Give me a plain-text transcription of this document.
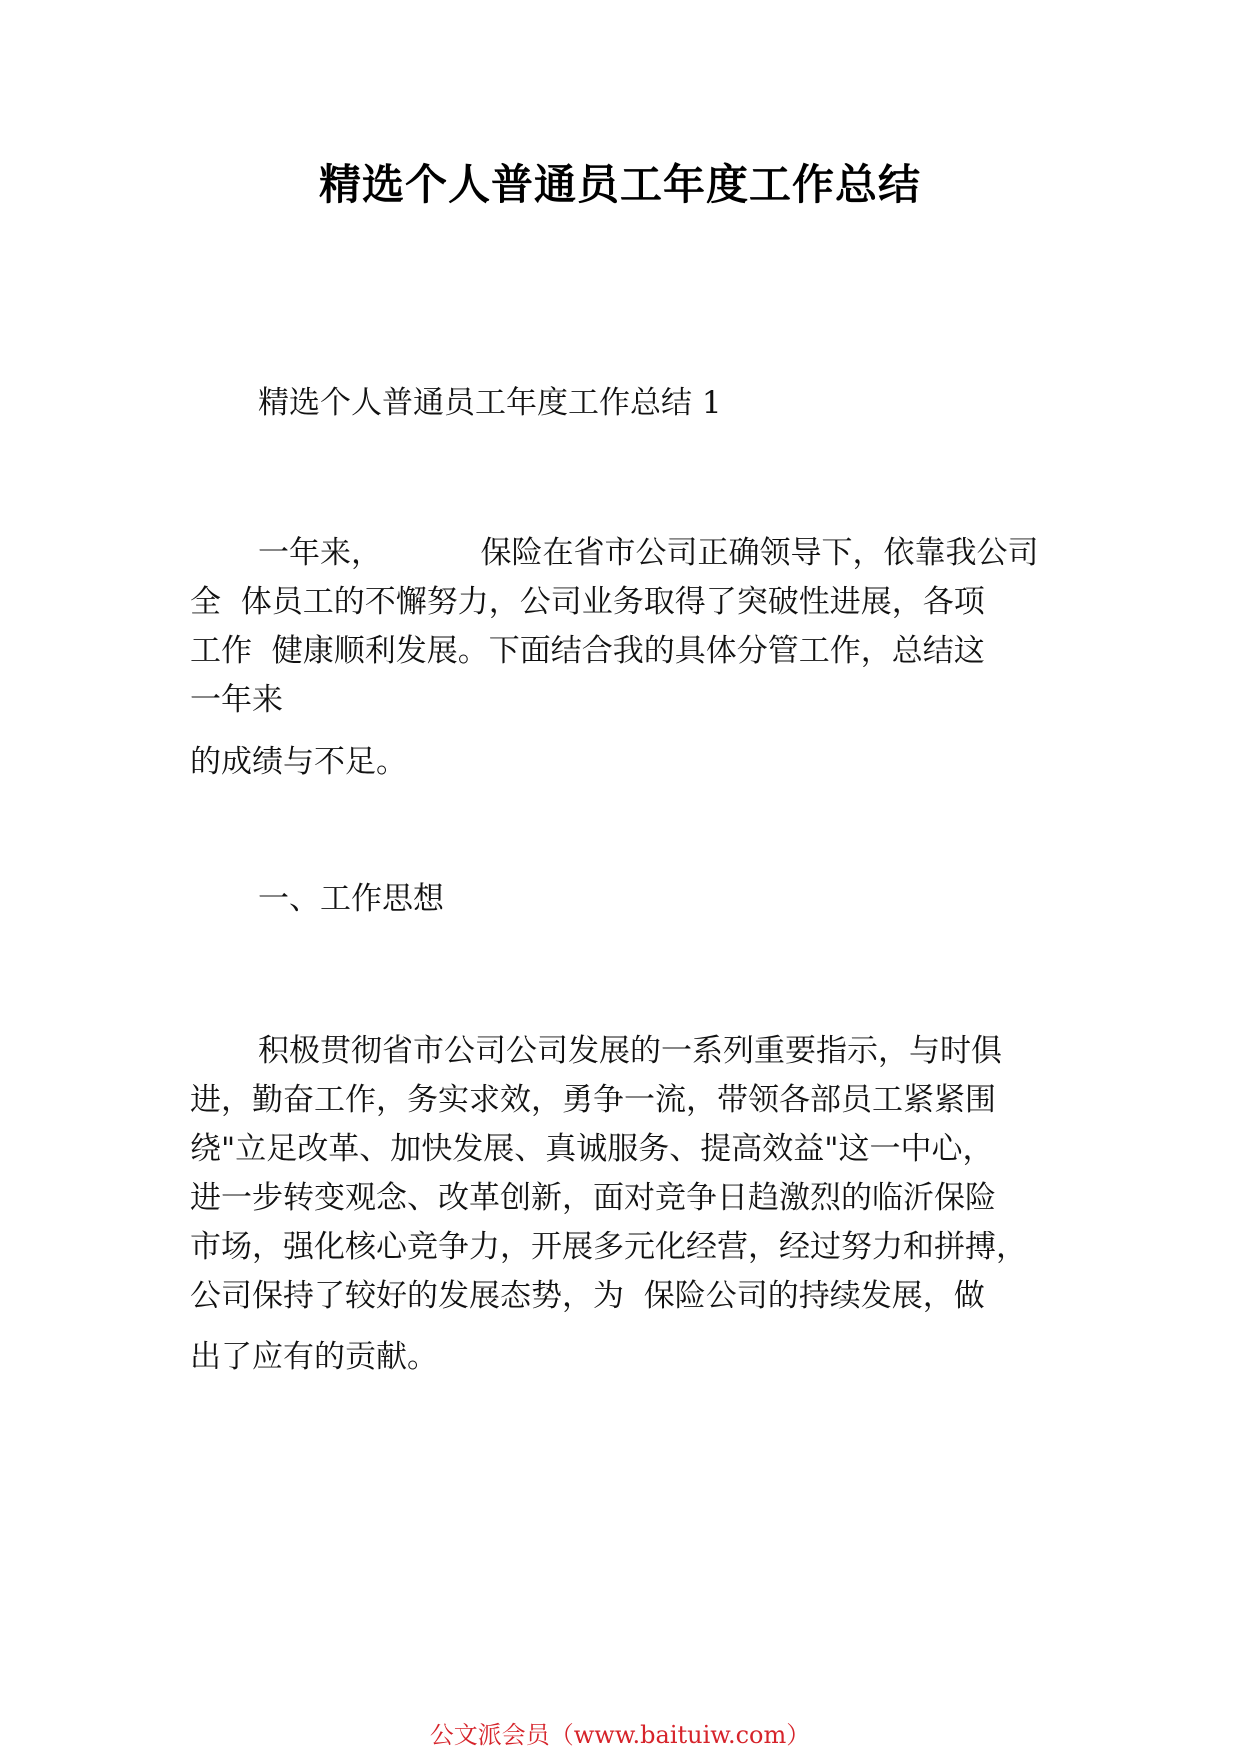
精选个人普通员工年度工作总结
精选个人普通员工年度工作总结 1
一年来，          保险在省市公司正确领导下，依靠我公司
全  体员工的不懈努力，公司业务取得了突破性进展，各项
工作  健康顺利发展。下面结合我的具体分管工作，总结这
一年来
的成绩与不足。
一、工作思想
积极贯彻省市公司公司发展的一系列重要指示，与时俱
进，勤奋工作，务实求效，勇争一流，带领各部员工紧紧围
绕"立足改革、加快发展、真诚服务、提高效益"这一中心，
进一步转变观念、改革创新，面对竞争日趋激烈的临沂保险
市场，强化核心竞争力，开展多元化经营，经过努力和拼搏，
公司保持了较好的发展态势，为  保险公司的持续发展，做
出了应有的贡献。
公文派会员（www.baituiw.com）
